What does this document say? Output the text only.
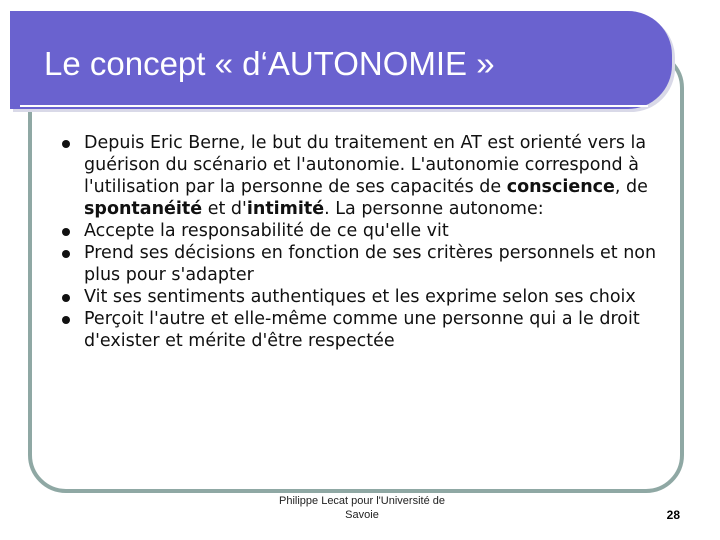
Le concept « d‘AUTONOMIE »

Depuis Eric Berne, le but du traitement en AT est orienté vers la guérison du scénario et l'autonomie. L'autonomie correspond à l'utilisation par la personne de ses capacités de conscience, de spontanéité et d'intimité. La personne autonome:

Accepte la responsabilité de ce qu'elle vit

Prend ses décisions en fonction de ses critères personnels et non plus pour s'adapter

Vit ses sentiments authentiques et les exprime selon ses choix

Perçoit l'autre et elle-même comme une personne qui a le droit d'exister et mérite d'être respectée

Philippe Lecat pour l'Université de Savoie	28
